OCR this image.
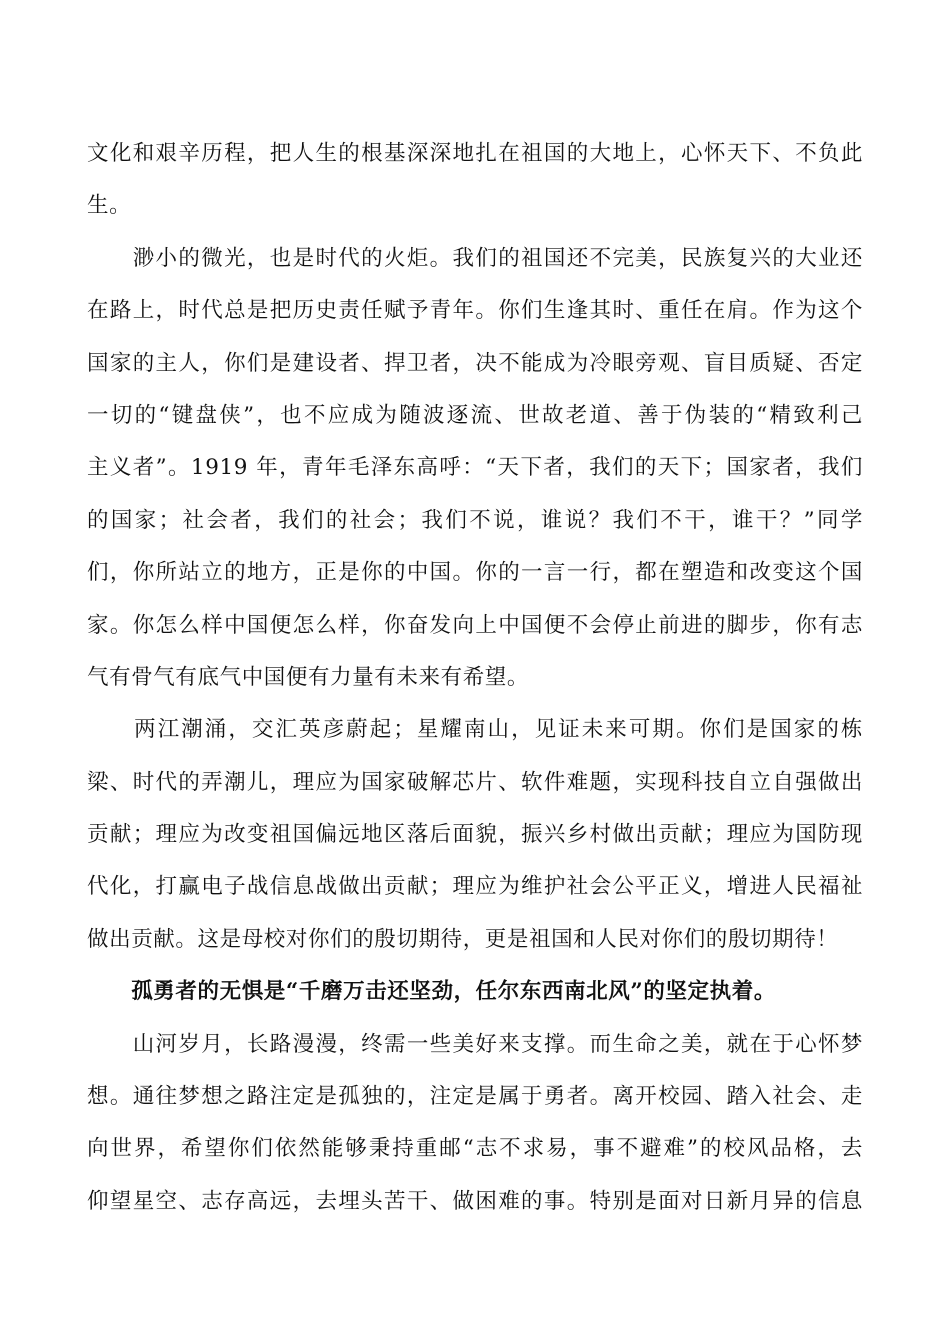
文化和艰辛历程，把人生的根基深深地扎在祖国的大地上，心怀天下、不负此
生。
　　渺小的微光，也是时代的火炬。我们的祖国还不完美，民族复兴的大业还
在路上，时代总是把历史责任赋予青年。你们生逢其时、重任在肩。作为这个
国家的主人，你们是建设者、捍卫者，决不能成为冷眼旁观、盲目质疑、否定
一切的“键盘侠”，也不应成为随波逐流、世故老道、善于伪装的“精致利己
主义者”。1919 年，青年毛泽东高呼：“天下者，我们的天下；国家者，我们
的国家；社会者，我们的社会；我们不说，谁说？我们不干，谁干？”同学
们，你所站立的地方，正是你的中国。你的一言一行，都在塑造和改变这个国
家。你怎么样中国便怎么样，你奋发向上中国便不会停止前进的脚步，你有志
气有骨气有底气中国便有力量有未来有希望。
　　两江潮涌，交汇英彦蔚起；星耀南山，见证未来可期。你们是国家的栋
梁、时代的弄潮儿，理应为国家破解芯片、软件难题，实现科技自立自强做出
贡献；理应为改变祖国偏远地区落后面貌，振兴乡村做出贡献；理应为国防现
代化，打赢电子战信息战做出贡献；理应为维护社会公平正义，增进人民福祉
做出贡献。这是母校对你们的殷切期待，更是祖国和人民对你们的殷切期待！
　　孤勇者的无惧是“千磨万击还坚劲，任尔东西南北风”的坚定执着。
　　山河岁月，长路漫漫，终需一些美好来支撑。而生命之美，就在于心怀梦
想。通往梦想之路注定是孤独的，注定是属于勇者。离开校园、踏入社会、走
向世界，希望你们依然能够秉持重邮“志不求易，事不避难”的校风品格，去
仰望星空、志存高远，去埋头苦干、做困难的事。特别是面对日新月异的信息
